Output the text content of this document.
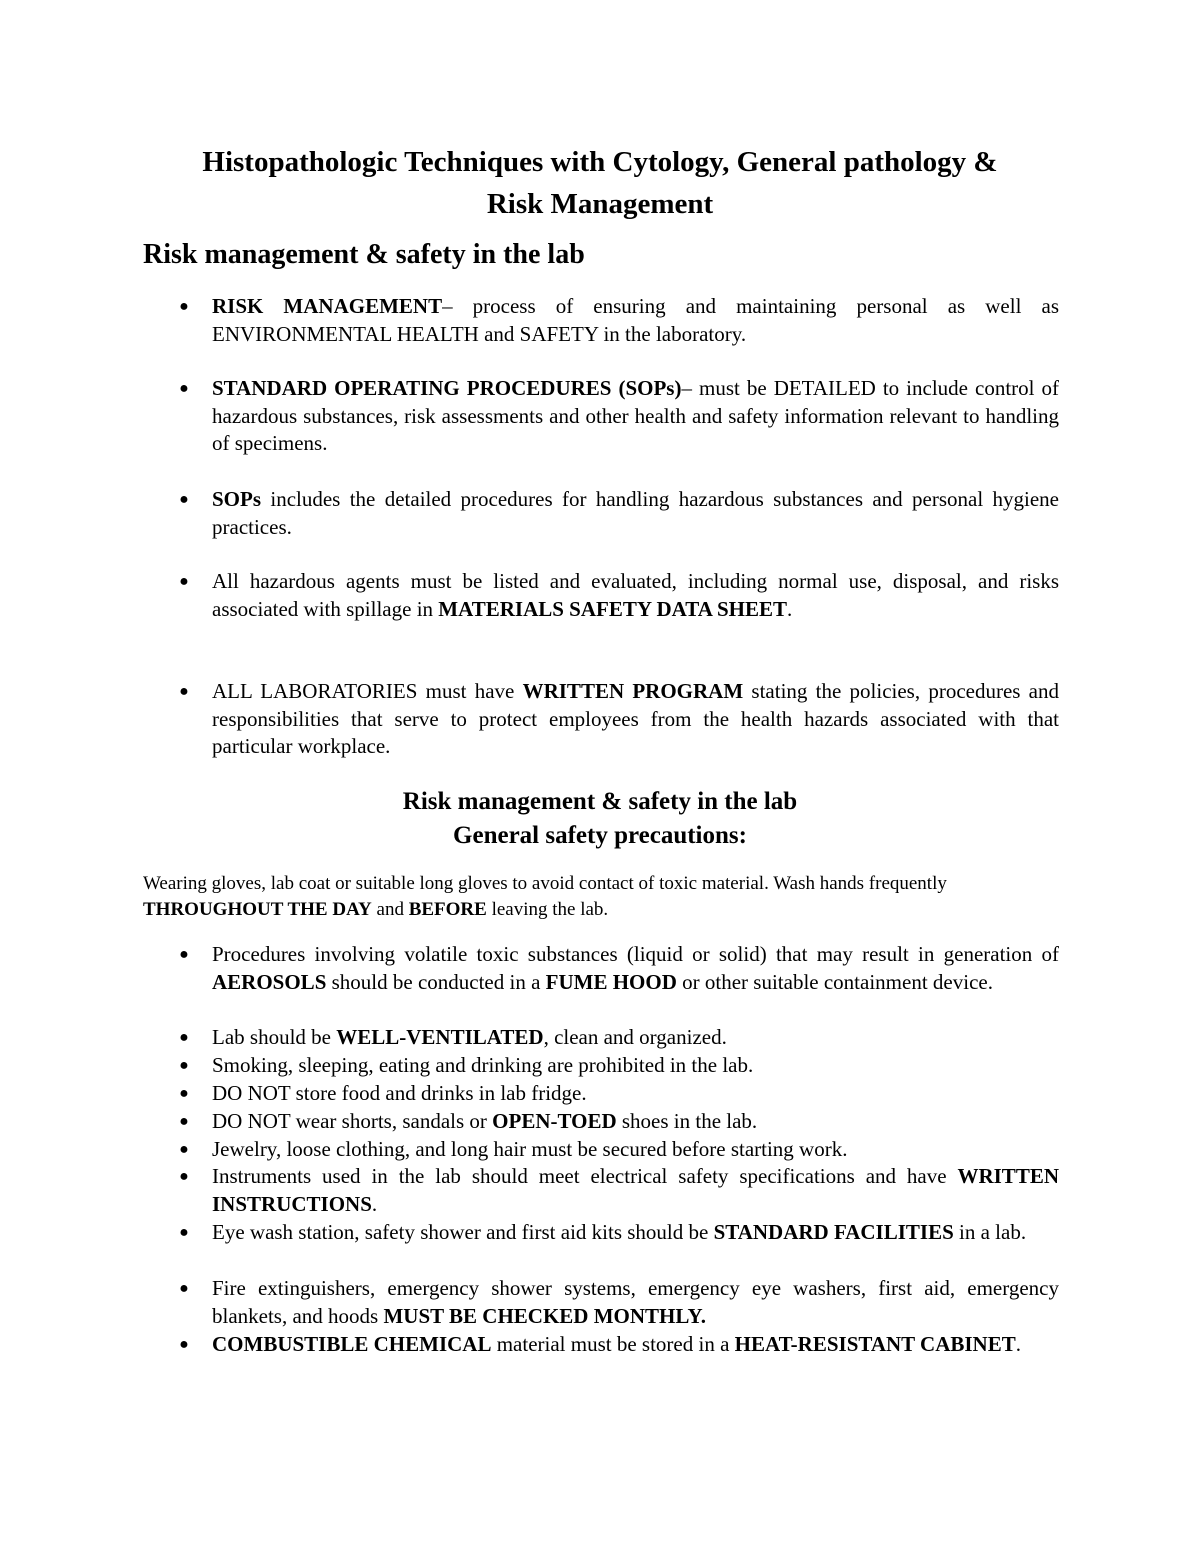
Histopathologic Techniques with Cytology, General pathology &
Risk Management
Risk management & safety in the lab
● RISK MANAGEMENT– process of ensuring and maintaining personal as well as ENVIRONMENTAL HEALTH and SAFETY in the laboratory.
● STANDARD OPERATING PROCEDURES (SOPs)– must be DETAILED to include control of hazardous substances, risk assessments and other health and safety information relevant to handling of specimens.
● SOPs includes the detailed procedures for handling hazardous substances and personal hygiene practices.
● All hazardous agents must be listed and evaluated, including normal use, disposal, and risks associated with spillage in MATERIALS SAFETY DATA SHEET.
● ALL LABORATORIES must have WRITTEN PROGRAM stating the policies, procedures and responsibilities that serve to protect employees from the health hazards associated with that particular workplace.
Risk management & safety in the lab
General safety precautions:

Wearing gloves, lab coat or suitable long gloves to avoid contact of toxic material. Wash hands frequently THROUGHOUT THE DAY and BEFORE leaving the lab.

● Procedures involving volatile toxic substances (liquid or solid) that may result in generation of AEROSOLS should be conducted in a FUME HOOD or other suitable containment device.
● Lab should be WELL-VENTILATED, clean and organized.
● Smoking, sleeping, eating and drinking are prohibited in the lab.
● DO NOT store food and drinks in lab fridge.
● DO NOT wear shorts, sandals or OPEN-TOED shoes in the lab.
● Jewelry, loose clothing, and long hair must be secured before starting work.
● Instruments used in the lab should meet electrical safety specifications and have WRITTEN INSTRUCTIONS.
● Eye wash station, safety shower and first aid kits should be STANDARD FACILITIES in a lab.
● Fire extinguishers, emergency shower systems, emergency eye washers, first aid, emergency blankets, and hoods MUST BE CHECKED MONTHLY.
● COMBUSTIBLE CHEMICAL material must be stored in a HEAT-RESISTANT CABINET.
